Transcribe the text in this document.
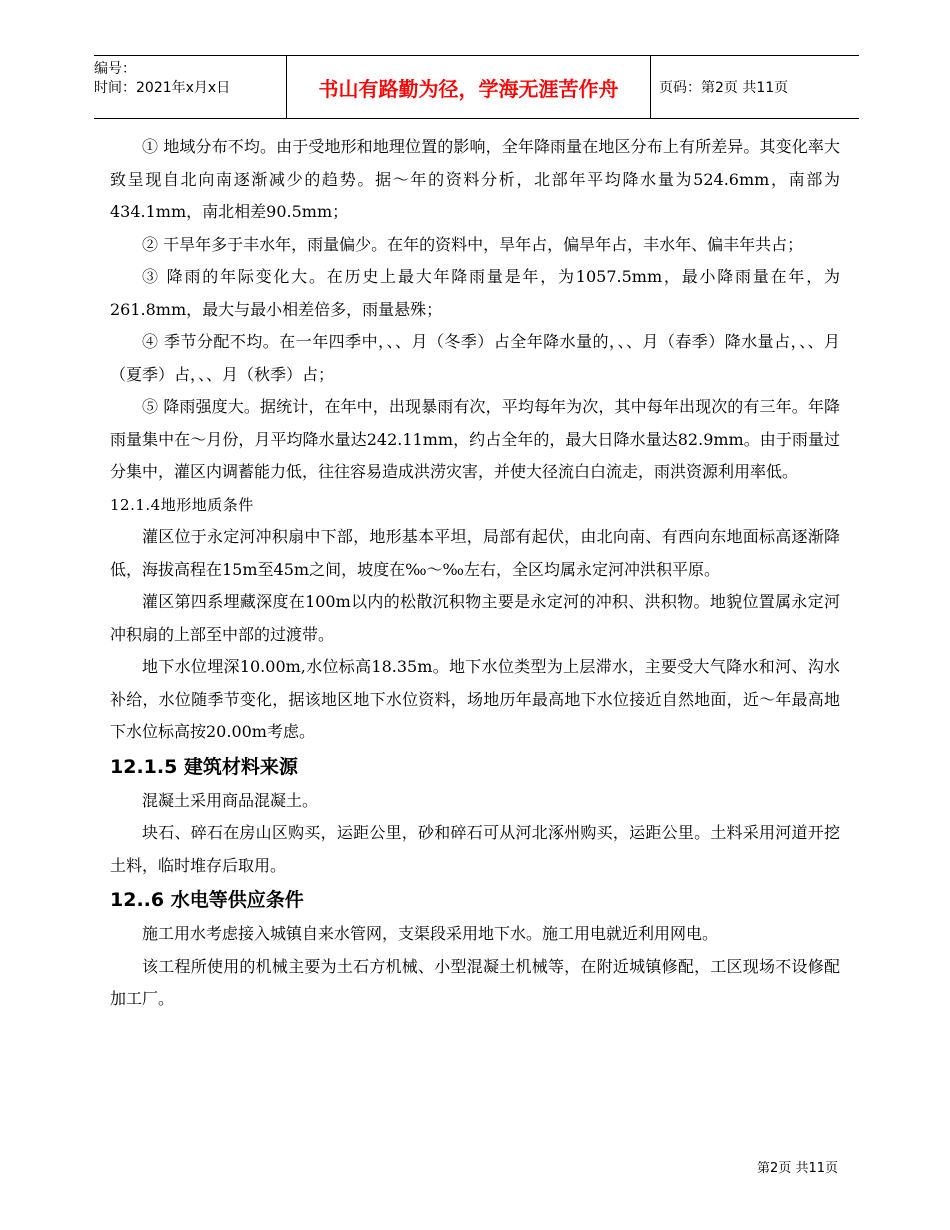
编号：
时间：2021年x月x日	书山有路勤为径，学海无涯苦作舟	页码：第2页 共11页

① 地域分布不均。由于受地形和地理位置的影响，全年降雨量在地区分布上有所差异。其变化率大致呈现自北向南逐渐减少的趋势。据～年的资料分析，北部年平均降水量为524.6mm，南部为434.1mm，南北相差90.5mm；

② 干旱年多于丰水年，雨量偏少。在年的资料中，旱年占，偏旱年占，丰水年、偏丰年共占；

③ 降雨的年际变化大。在历史上最大年降雨量是年，为1057.5mm，最小降雨量在年，为261.8mm，最大与最小相差倍多，雨量悬殊；

④ 季节分配不均。在一年四季中，、、月（冬季）占全年降水量的，、、月（春季）降水量占，、、月（夏季）占，、、月（秋季）占；

⑤ 降雨强度大。据统计，在年中，出现暴雨有次，平均每年为次，其中每年出现次的有三年。年降雨量集中在～月份，月平均降水量达242.11mm，约占全年的，最大日降水量达82.9mm。由于雨量过分集中，灌区内调蓄能力低，往往容易造成洪涝灾害，并使大径流白白流走，雨洪资源利用率低。

12.1.4地形地质条件

灌区位于永定河冲积扇中下部，地形基本平坦，局部有起伏，由北向南、有西向东地面标高逐渐降低，海拔高程在15m至45m之间，坡度在‰～‰左右，全区均属永定河冲洪积平原。

灌区第四系埋藏深度在100m以内的松散沉积物主要是永定河的冲积、洪积物。地貌位置属永定河冲积扇的上部至中部的过渡带。

地下水位埋深10.00m,水位标高18.35m。地下水位类型为上层滞水，主要受大气降水和河、沟水补给，水位随季节变化，据该地区地下水位资料，场地历年最高地下水位接近自然地面，近～年最高地下水位标高按20.00m考虑。

12.1.5 建筑材料来源

混凝土采用商品混凝土。

块石、碎石在房山区购买，运距公里，砂和碎石可从河北涿州购买，运距公里。土料采用河道开挖土料，临时堆存后取用。

12..6 水电等供应条件

施工用水考虑接入城镇自来水管网，支渠段采用地下水。施工用电就近利用网电。

该工程所使用的机械主要为土石方机械、小型混凝土机械等，在附近城镇修配，工区现场不设修配加工厂。

第2页 共11页
